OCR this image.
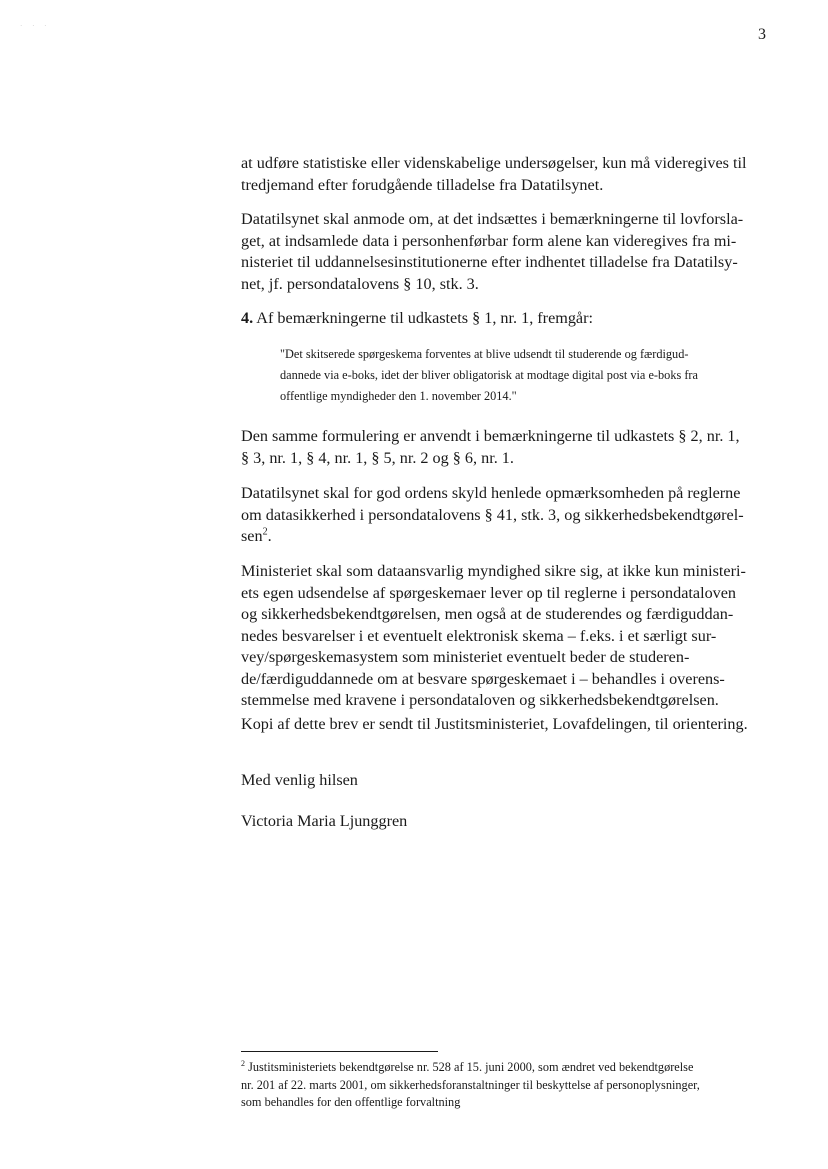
· · ·	3

at udføre statistiske eller videnskabelige undersøgelser, kun må videregives til
tredjemand efter forudgående tilladelse fra Datatilsynet.

Datatilsynet skal anmode om, at det indsættes i bemærkningerne til lovforsla-
get, at indsamlede data i personhenførbar form alene kan videregives fra mi-
nisteriet til uddannelsesinstitutionerne efter indhentet tilladelse fra Datatilsy-
net, jf. persondatalovens § 10, stk. 3.

4. Af bemærkningerne til udkastets § 1, nr. 1, fremgår:

"Det skitserede spørgeskema forventes at blive udsendt til studerende og færdigud-
dannede via e-boks, idet der bliver obligatorisk at modtage digital post via e-boks fra
offentlige myndigheder den 1. november 2014."

Den samme formulering er anvendt i bemærkningerne til udkastets § 2, nr. 1,
§ 3, nr. 1, § 4, nr. 1, § 5, nr. 2 og § 6, nr. 1.

Datatilsynet skal for god ordens skyld henlede opmærksomheden på reglerne
om datasikkerhed i persondatalovens § 41, stk. 3, og sikkerhedsbekendtgørel-
sen$^2$.

Ministeriet skal som dataansvarlig myndighed sikre sig, at ikke kun ministeri-
ets egen udsendelse af spørgeskemaer lever op til reglerne i persondataloven
og sikkerhedsbekendtgørelsen, men også at de studerendes og færdiguddan-
nedes besvarelser i et eventuelt elektronisk skema – f.eks. i et særligt sur-
vey/spørgeskemasystem som ministeriet eventuelt beder de studeren-
de/færdiguddannede om at besvare spørgeskemaet i – behandles i overens-
stemmelse med kravene i persondataloven og sikkerhedsbekendtgørelsen.

Kopi af dette brev er sendt til Justitsministeriet, Lovafdelingen, til orientering.

Med venlig hilsen

Victoria Maria Ljunggren

$^2$ Justitsministeriets bekendtgørelse nr. 528 af 15. juni 2000, som ændret ved bekendtgørelse
nr. 201 af 22. marts 2001, om sikkerhedsforanstaltninger til beskyttelse af personoplysninger,
som behandles for den offentlige forvaltning
